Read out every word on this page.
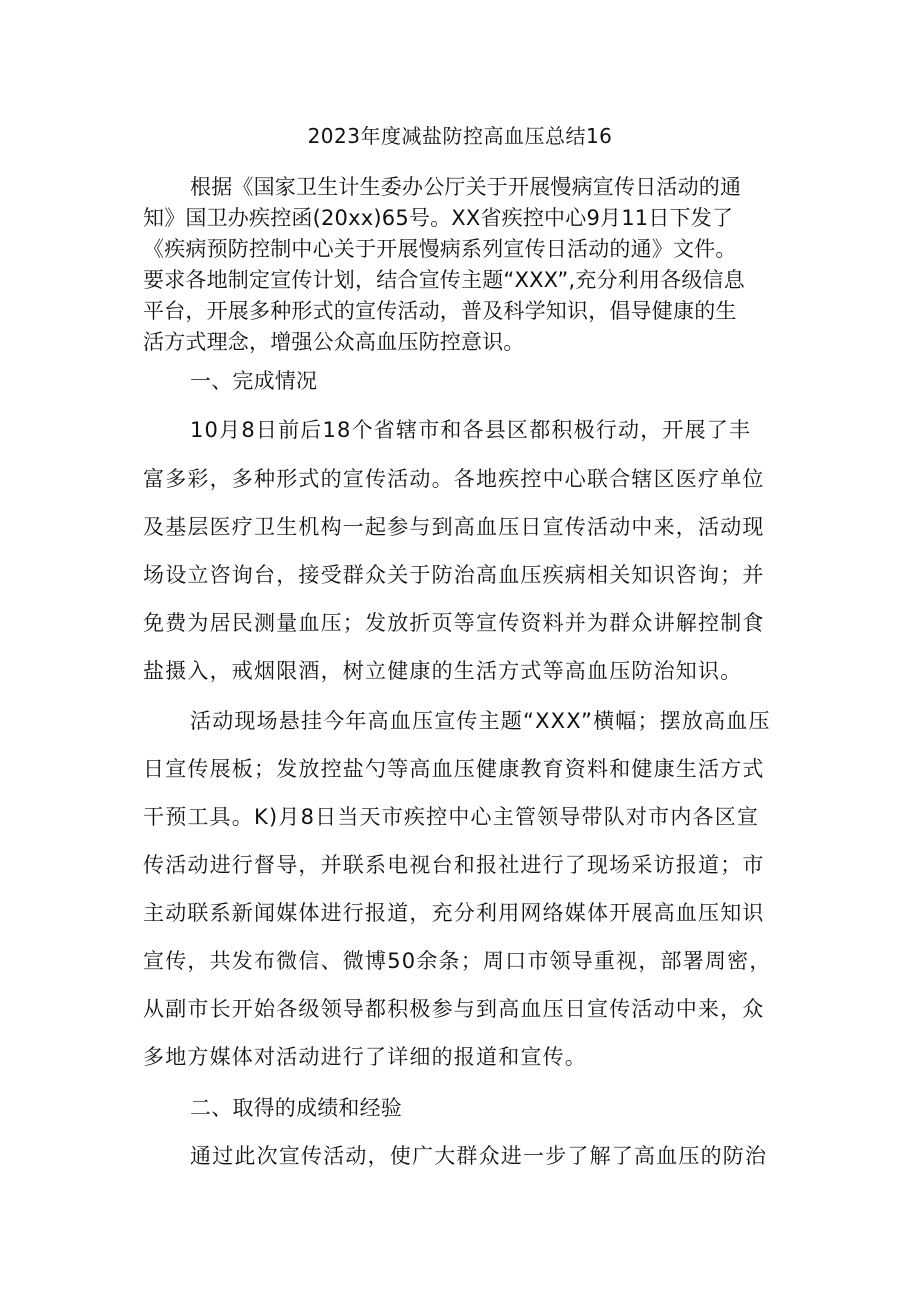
2023年度减盐防控高血压总结16
根据《国家卫生计生委办公厅关于开展慢病宣传日活动的通
知》国卫办疾控函(20xx)65号。XX省疾控中心9月11日下发了
《疾病预防控制中心关于开展慢病系列宣传日活动的通》文件。
要求各地制定宣传计划，结合宣传主题“XXX”,充分利用各级信息
平台，开展多种形式的宣传活动，普及科学知识，倡导健康的生
活方式理念，增强公众高血压防控意识。
一、完成情况
10月8日前后18个省辖市和各县区都积极行动，开展了丰
富多彩，多种形式的宣传活动。各地疾控中心联合辖区医疗单位
及基层医疗卫生机构一起参与到高血压日宣传活动中来，活动现
场设立咨询台，接受群众关于防治高血压疾病相关知识咨询；并
免费为居民测量血压；发放折页等宣传资料并为群众讲解控制食
盐摄入，戒烟限酒，树立健康的生活方式等高血压防治知识。
活动现场悬挂今年高血压宣传主题“XXX”横幅；摆放高血压
日宣传展板；发放控盐勺等高血压健康教育资料和健康生活方式
干预工具。K)月8日当天市疾控中心主管领导带队对市内各区宣
传活动进行督导，并联系电视台和报社进行了现场采访报道；市
主动联系新闻媒体进行报道，充分利用网络媒体开展高血压知识
宣传，共发布微信、微博50余条；周口市领导重视，部署周密，
从副市长开始各级领导都积极参与到高血压日宣传活动中来，众
多地方媒体对活动进行了详细的报道和宣传。
二、取得的成绩和经验
通过此次宣传活动，使广大群众进一步了解了高血压的防治
